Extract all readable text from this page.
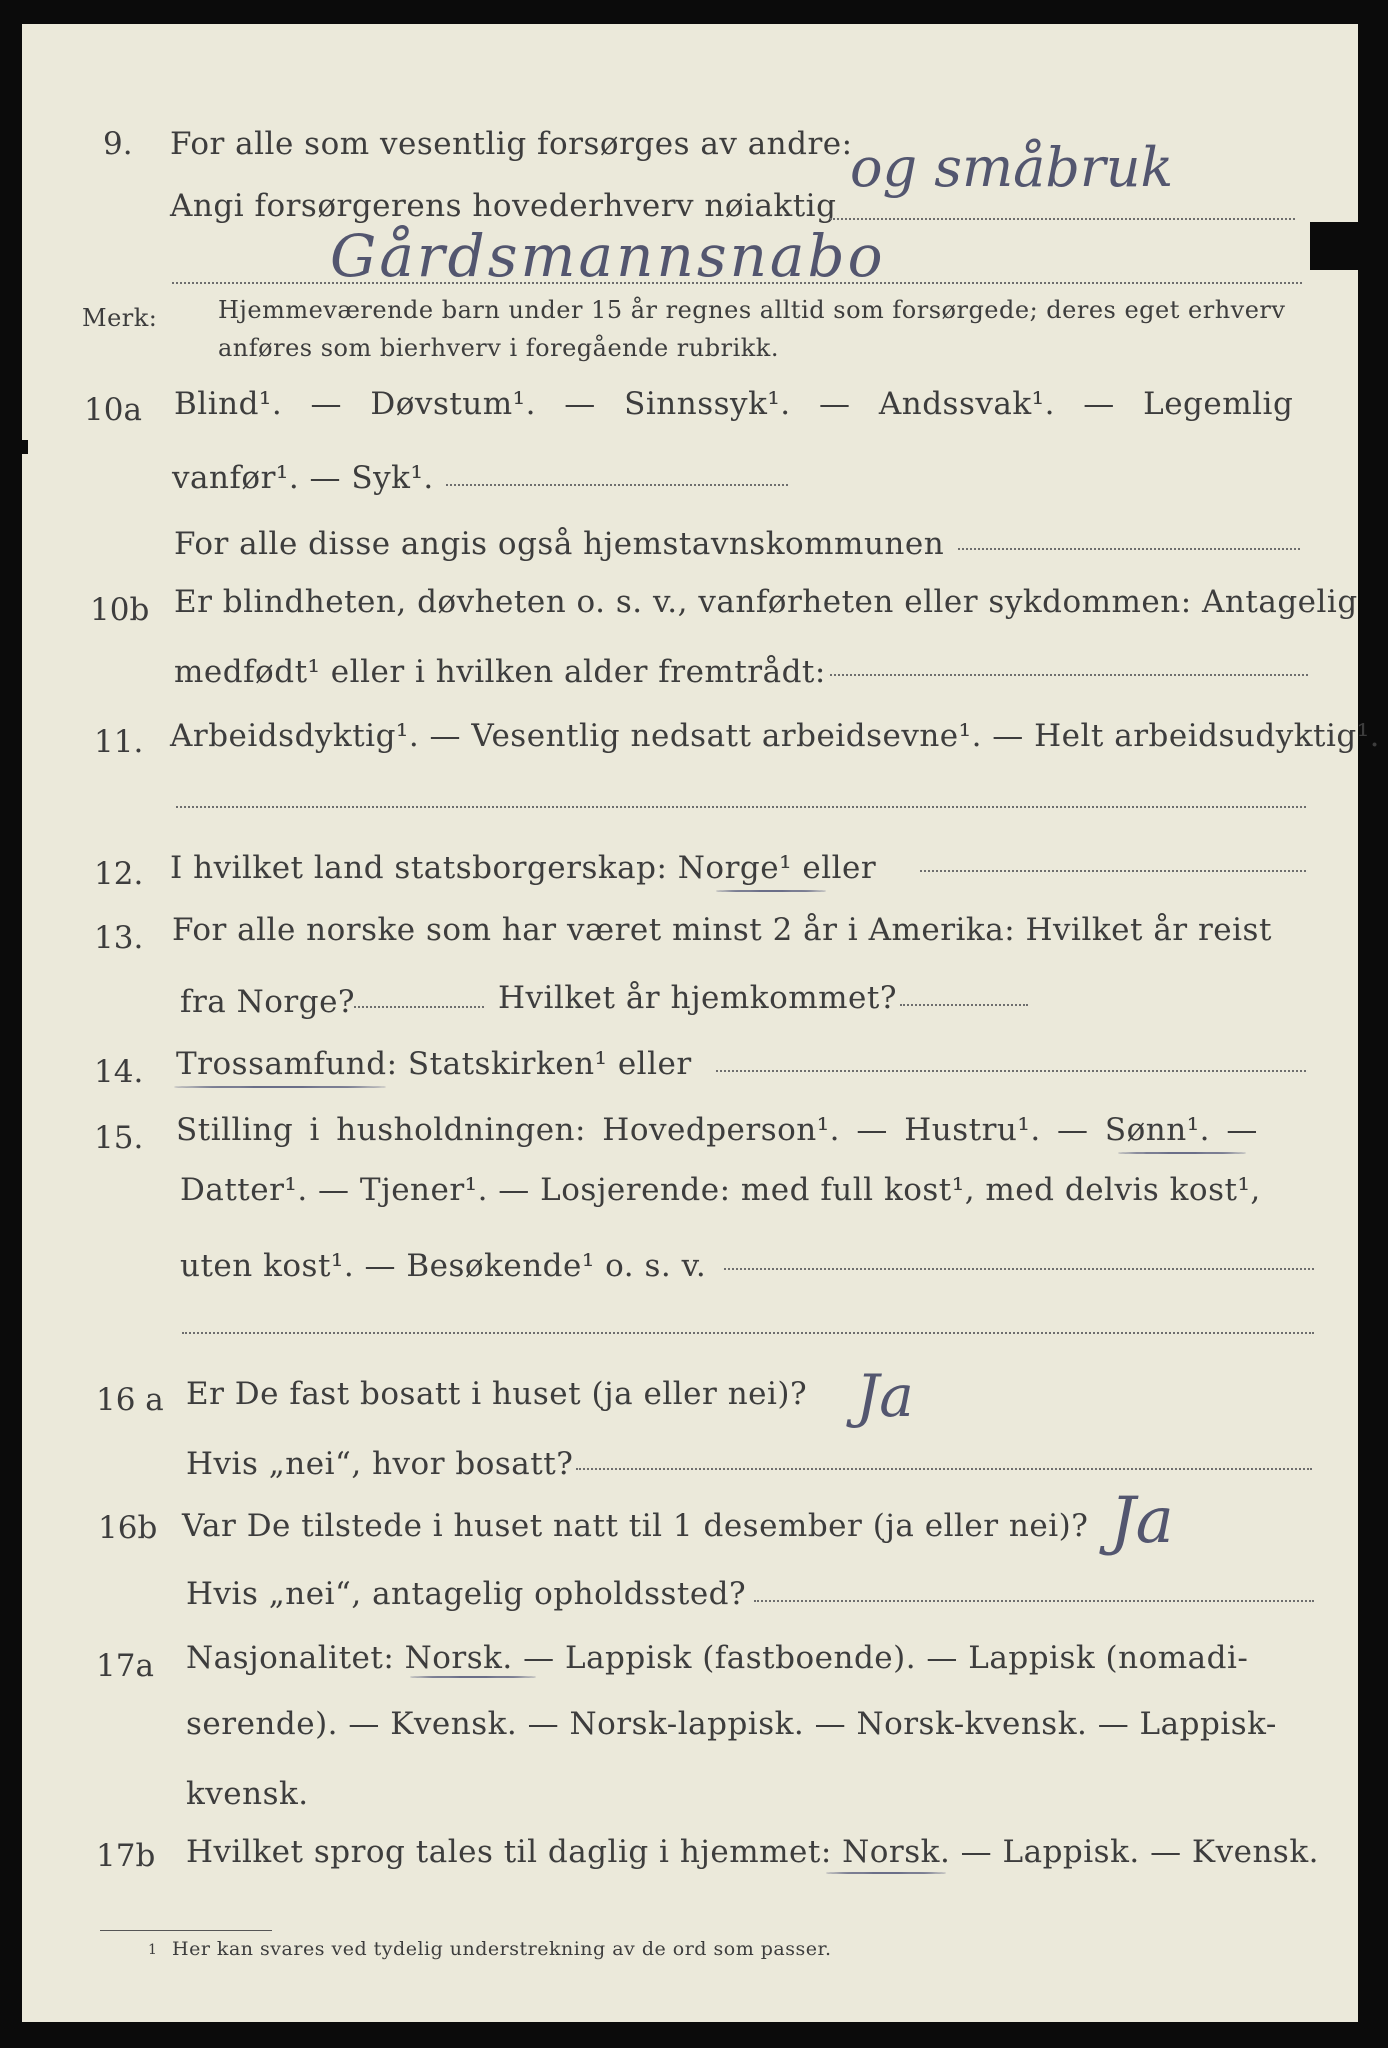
9. For alle som vesentlig forsørges av andre:
Angi forsørgerens hovederhverv nøiaktig
og småbruk
Gårdsmannsnabo
Merk:	Hjemmeværende barn under 15 år regnes alltid som forsørgede; deres eget erhverv
anføres som bierhverv i foregående rubrikk.
10a Blind¹. — Døvstum¹. — Sinnssyk¹. — Andssvak¹. — Legemlig
vanfør¹. — Syk¹.
For alle disse angis også hjemstavnskommunen
10b Er blindheten, døvheten o. s. v., vanførheten eller sykdommen: Antagelig
medfødt¹ eller i hvilken alder fremtrådt:
11. Arbeidsdyktig¹. — Vesentlig nedsatt arbeidsevne¹. — Helt arbeidsudyktig¹.
12. I hvilket land statsborgerskap: Norge¹ eller
13. For alle norske som har været minst 2 år i Amerika: Hvilket år reist
fra Norge?	Hvilket år hjemkommet?
14. Trossamfund: Statskirken¹ eller
15. Stilling i husholdningen: Hovedperson¹. — Hustru¹. — Sønn¹. —
Datter¹. — Tjener¹. — Losjerende: med full kost¹, med delvis kost¹,
uten kost¹. — Besøkende¹ o. s. v.
16 a Er De fast bosatt i huset (ja eller nei)? Ja
Hvis „nei“, hvor bosatt?
16b Var De tilstede i huset natt til 1 desember (ja eller nei)? Ja
Hvis „nei“, antagelig opholdssted?
17a Nasjonalitet: Norsk. — Lappisk (fastboende). — Lappisk (nomadi-
serende). — Kvensk. — Norsk-lappisk. — Norsk-kvensk. — Lappisk-
kvensk.
17b Hvilket sprog tales til daglig i hjemmet: Norsk. — Lappisk. — Kvensk.
1 Her kan svares ved tydelig understrekning av de ord som passer.
